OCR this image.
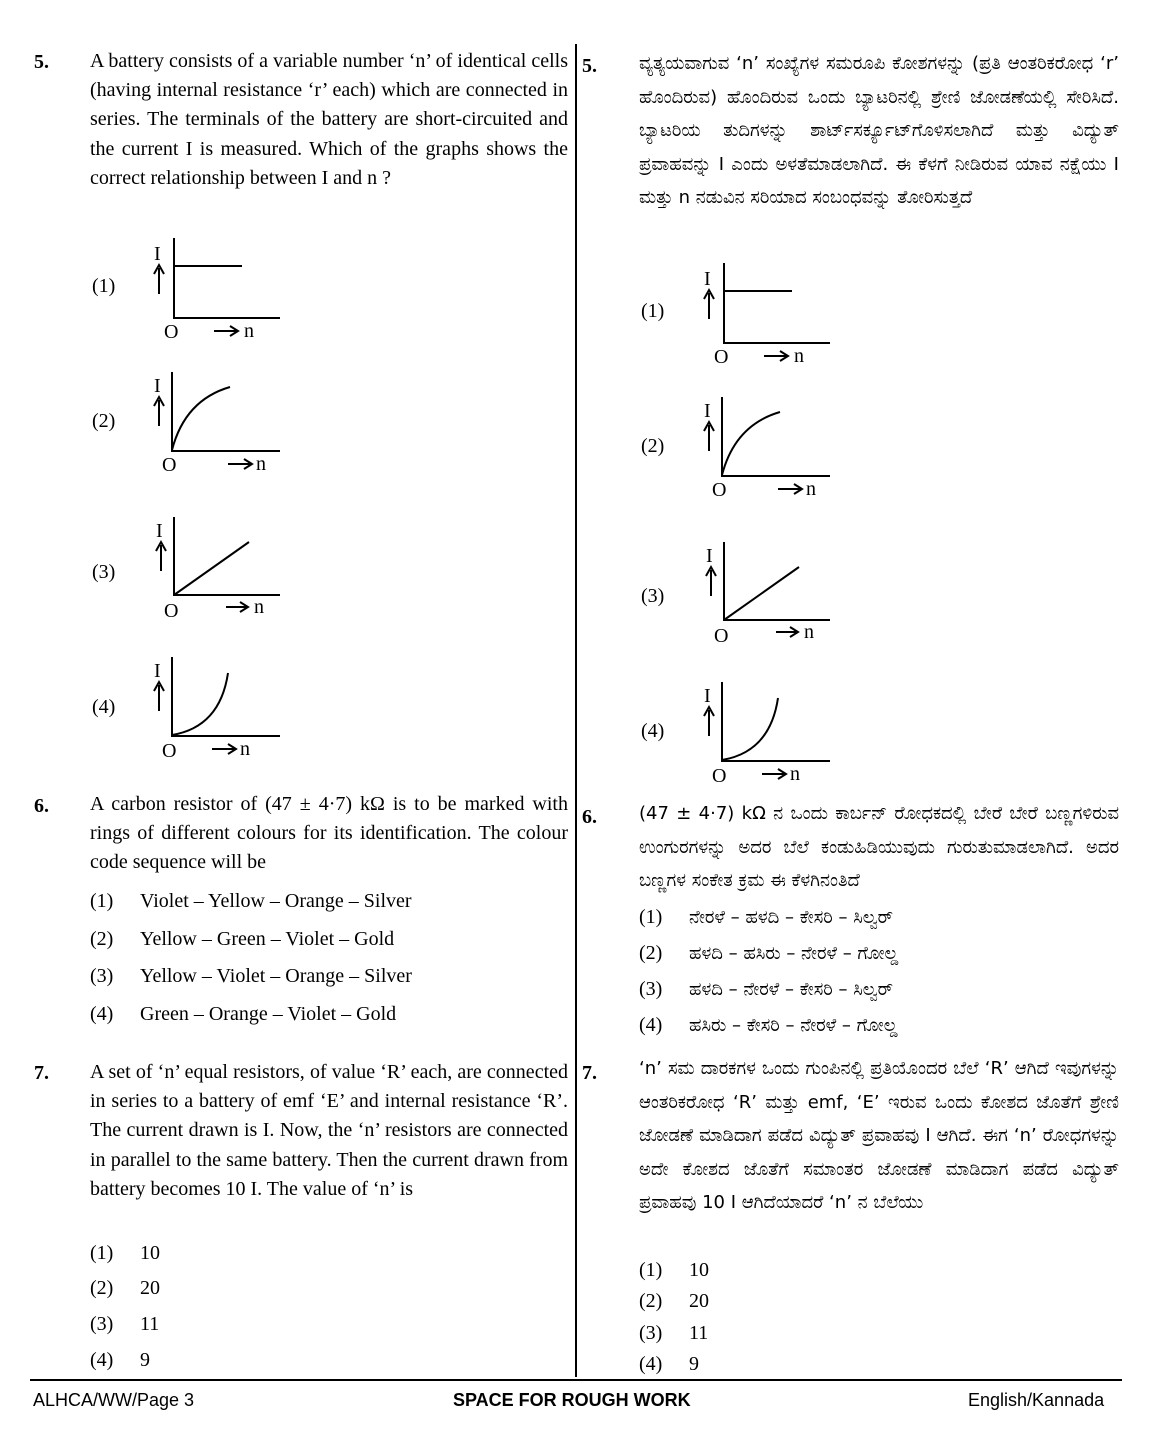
5. A battery consists of a variable number ‘n’ of identical cells (having internal resistance ‘r’ each) which are connected in series. The terminals of the battery are short-circuited and the current I is measured. Which of the graphs shows the correct relationship between I and n ?
(1)
I
O	n
(2)
I
O	n
(3)
I
O	n
(4)
I
O	n
6. A carbon resistor of (47 ± 4·7) kΩ is to be marked with rings of different colours for its identification. The colour code sequence will be
(1) Violet – Yellow – Orange – Silver
(2) Yellow – Green – Violet – Gold
(3) Yellow – Violet – Orange – Silver
(4) Green – Orange – Violet – Gold
7. A set of ‘n’ equal resistors, of value ‘R’ each, are connected in series to a battery of emf ‘E’ and internal resistance ‘R’. The current drawn is I. Now, the ‘n’ resistors are connected in parallel to the same battery. Then the current drawn from battery becomes 10 I. The value of ‘n’ is
(1) 10
(2) 20
(3) 11
(4) 9
5. ವ್ಯತ್ಯಯವಾಗುವ ‘n’ ಸಂಖ್ಯೆಗಳ ಸಮರೂಪಿ ಕೋಶಗಳನ್ನು (ಪ್ರತಿ ಆಂತರಿಕರೋಧ ‘r’ ಹೊಂದಿರುವ) ಹೊಂದಿರುವ ಒಂದು ಬ್ಯಾಟರಿನಲ್ಲಿ ಶ್ರೇಣಿ ಜೋಡಣೆಯಲ್ಲಿ ಸೇರಿಸಿದೆ. ಬ್ಯಾಟರಿಯ ತುದಿಗಳನ್ನು ಶಾರ್ಟ್‌ಸರ್ಕ್ಯೂಟ್‌ಗೊಳಿಸಲಾಗಿದೆ ಮತ್ತು ವಿದ್ಯುತ್ ಪ್ರವಾಹವನ್ನು I ಎಂದು ಅಳತೆಮಾಡಲಾಗಿದೆ. ಈ ಕೆಳಗೆ ನೀಡಿರುವ ಯಾವ ನಕ್ಷೆಯು I ಮತ್ತು n ನಡುವಿನ ಸರಿಯಾದ ಸಂಬಂಧವನ್ನು ತೋರಿಸುತ್ತದೆ
(1)
I
O	n
(2)
I
O	n
(3)
I
O	n
(4)
I
O	n
6. (47 ± 4·7) kΩ ನ ಒಂದು ಕಾರ್ಬನ್ ರೋಧಕದಲ್ಲಿ ಬೇರೆ ಬೇರೆ ಬಣ್ಣಗಳಿರುವ ಉಂಗುರಗಳನ್ನು ಅದರ ಬೆಲೆ ಕಂಡುಹಿಡಿಯುವುದು ಗುರುತುಮಾಡಲಾಗಿದೆ. ಅದರ ಬಣ್ಣಗಳ ಸಂಕೇತ ಕ್ರಮ ಈ ಕೆಳಗಿನಂತಿದೆ
(1) ನೇರಳೆ – ಹಳದಿ – ಕೇಸರಿ – ಸಿಲ್ವರ್
(2) ಹಳದಿ – ಹಸಿರು – ನೇರಳೆ – ಗೋಲ್ಡ
(3) ಹಳದಿ – ನೇರಳೆ – ಕೇಸರಿ – ಸಿಲ್ವರ್
(4) ಹಸಿರು – ಕೇಸರಿ – ನೇರಳೆ – ಗೋಲ್ಡ
7. ‘n’ ಸಮ ದಾರಕಗಳ ಒಂದು ಗುಂಪಿನಲ್ಲಿ ಪ್ರತಿಯೊಂದರ ಬೆಲೆ ‘R’ ಆಗಿದೆ ಇವುಗಳನ್ನು ಆಂತರಿಕರೋಧ ‘R’ ಮತ್ತು emf, ‘E’ ಇರುವ ಒಂದು ಕೋಶದ ಜೊತೆಗೆ ಶ್ರೇಣಿ ಜೋಡಣೆ ಮಾಡಿದಾಗ ಪಡೆದ ವಿದ್ಯುತ್ ಪ್ರವಾಹವು I ಆಗಿದೆ. ಈಗ ‘n’ ರೋಧಗಳನ್ನು ಅದೇ ಕೋಶದ ಜೊತೆಗೆ ಸಮಾಂತರ ಜೋಡಣೆ ಮಾಡಿದಾಗ ಪಡೆದ ವಿದ್ಯುತ್ ಪ್ರವಾಹವು 10 I ಆಗಿದೆಯಾದರೆ ‘n’ ನ ಬೆಲೆಯು
(1) 10
(2) 20
(3) 11
(4) 9
ALHCA/WW/Page 3	SPACE FOR ROUGH WORK	English/Kannada
